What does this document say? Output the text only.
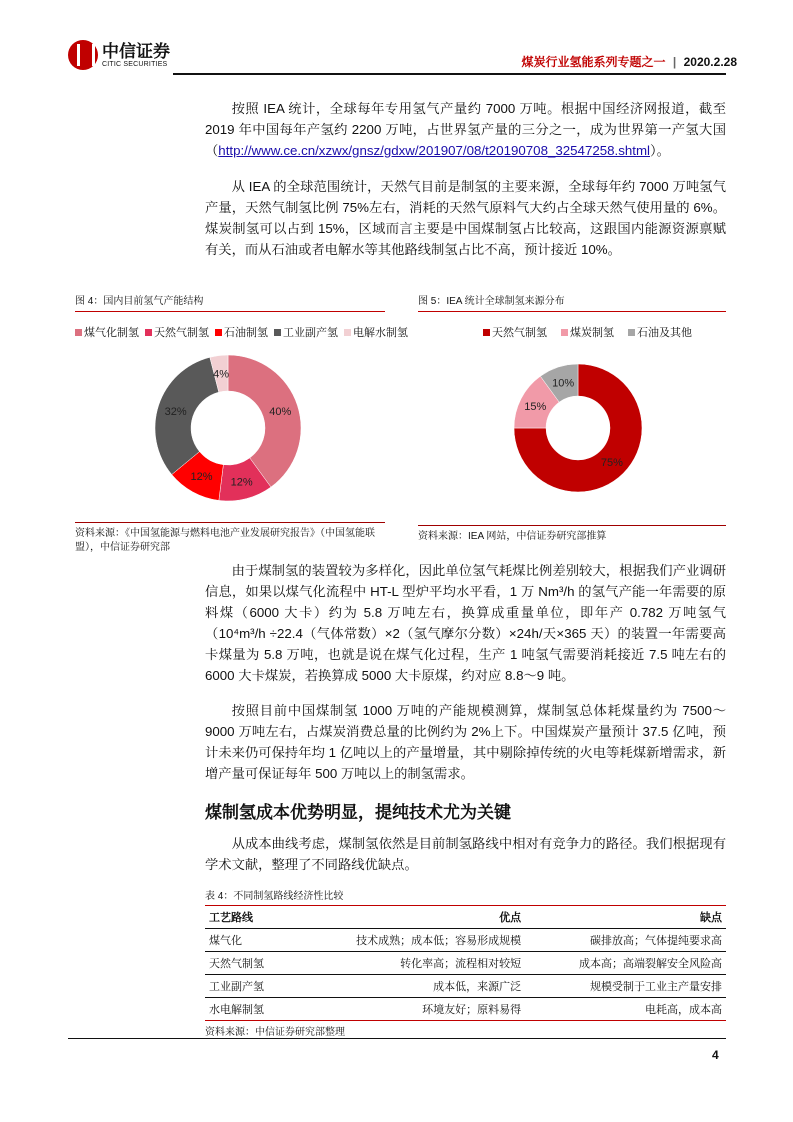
中信证券
CITIC SECURITIES	煤炭行业氢能系列专题之一 | 2020.2.28
按照 IEA 统计，全球每年专用氢气产量约 7000 万吨。根据中国经济网报道，截至 2019 年中国每年产氢约 2200 万吨，占世界氢产量的三分之一，成为世界第一产氢大国（http://www.ce.cn/xzwx/gnsz/gdxw/201907/08/t20190708_32547258.shtml）。
从 IEA 的全球范围统计，天然气目前是制氢的主要来源，全球每年约 7000 万吨氢气产量，天然气制氢比例 75%左右，消耗的天然气原料气大约占全球天然气使用量的 6%。煤炭制氢可以占到 15%，区域而言主要是中国煤制氢占比较高，这跟国内能源资源禀赋有关，而从石油或者电解水等其他路线制氢占比不高，预计接近 10%。
图 4：国内目前氢气产能结构
煤气化制氢	天然气制氢	石油制氢	工业副产氢	电解水制氢
40%
12%
12%
32%
4%
资料来源：《中国氢能源与燃料电池产业发展研究报告》（中国氢能联盟），中信证券研究部
图 5：IEA 统计全球制氢来源分布
天然气制氢	煤炭制氢	石油及其他
75%
15%
10%
资料来源：IEA 网站，中信证券研究部推算
由于煤制氢的装置较为多样化，因此单位氢气耗煤比例差别较大，根据我们产业调研信息，如果以煤气化流程中 HT-L 型炉平均水平看，1 万 Nm³/h 的氢气产能一年需要的原料煤（6000 大卡）约为 5.8 万吨左右，换算成重量单位，即年产 0.782 万吨氢气（10⁴m³/h ÷22.4（气体常数）×2（氢气摩尔分数）×24h/天×365 天）的装置一年需要高卡煤量为 5.8 万吨，也就是说在煤气化过程，生产 1 吨氢气需要消耗接近 7.5 吨左右的 6000 大卡煤炭，若换算成 5000 大卡原煤，约对应 8.8～9 吨。
按照目前中国煤制氢 1000 万吨的产能规模测算，煤制氢总体耗煤量约为 7500～9000 万吨左右，占煤炭消费总量的比例约为 2%上下。中国煤炭产量预计 37.5 亿吨，预计未来仍可保持年均 1 亿吨以上的产量增量，其中剔除掉传统的火电等耗煤新增需求，新增产量可保证每年 500 万吨以上的制氢需求。
煤制氢成本优势明显，提纯技术尤为关键
从成本曲线考虑，煤制氢依然是目前制氢路线中相对有竞争力的路径。我们根据现有学术文献，整理了不同路线优缺点。
表 4：不同制氢路线经济性比较
工艺路线	优点	缺点
煤气化	技术成熟；成本低；容易形成规模	碳排放高；气体提纯要求高
天然气制氢	转化率高；流程相对较短	成本高；高端裂解安全风险高
工业副产氢	成本低，来源广泛	规模受制于工业主产量安排
水电解制氢	环境友好；原料易得	电耗高，成本高
资料来源：中信证券研究部整理
4
